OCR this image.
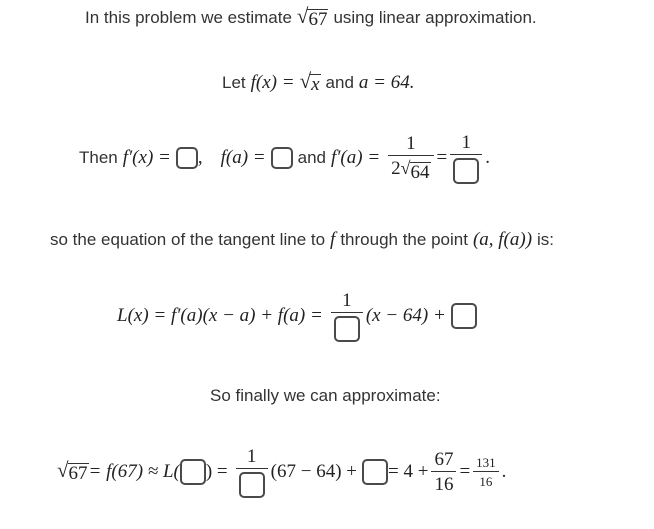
In this problem we estimate √ 67 using linear approximation.
Let f(x) = √ x and a = 64.
Then f′(x) = , f(a) = and $f'(a) = \frac{1}{2 √ 64}$ =
1
.
so the equation of the tangent line to f through the point (a, f(a)) is:
L(x) = f′(a)(x − a) + f(a) =
1
(x − 64) +
So finally we can approximate:
√ 67 = f(67) ≈ L( ) =
1
(67 − 64) + = $4 + \frac{67}{16} = \frac{131}{16}$ .
